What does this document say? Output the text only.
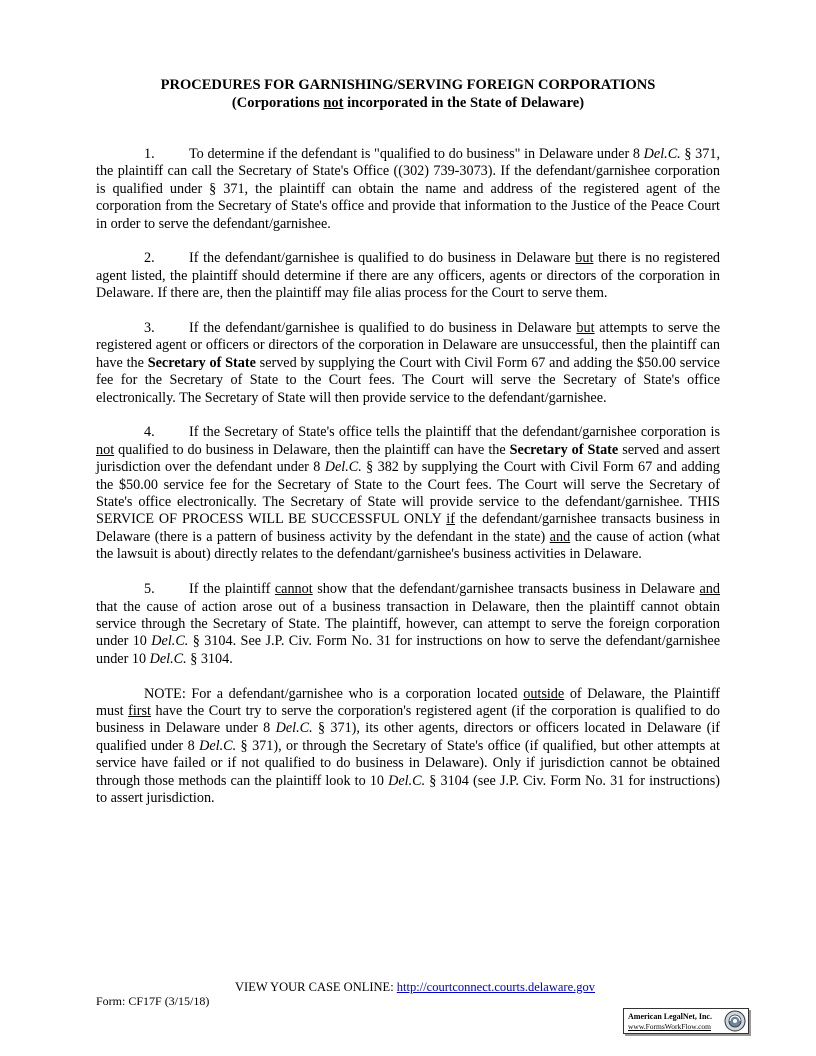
PROCEDURES FOR GARNISHING/SERVING FOREIGN CORPORATIONS
(Corporations not incorporated in the State of Delaware)

1. To determine if the defendant is "qualified to do business" in Delaware under 8 Del.C. § 371, the plaintiff can call the Secretary of State's Office ((302) 739-3073). If the defendant/garnishee corporation is qualified under § 371, the plaintiff can obtain the name and address of the registered agent of the corporation from the Secretary of State's office and provide that information to the Justice of the Peace Court in order to serve the defendant/garnishee.

2. If the defendant/garnishee is qualified to do business in Delaware but there is no registered agent listed, the plaintiff should determine if there are any officers, agents or directors of the corporation in Delaware. If there are, then the plaintiff may file alias process for the Court to serve them.

3. If the defendant/garnishee is qualified to do business in Delaware but attempts to serve the registered agent or officers or directors of the corporation in Delaware are unsuccessful, then the plaintiff can have the Secretary of State served by supplying the Court with Civil Form 67 and adding the $50.00 service fee for the Secretary of State to the Court fees. The Court will serve the Secretary of State's office electronically. The Secretary of State will then provide service to the defendant/garnishee.

4. If the Secretary of State's office tells the plaintiff that the defendant/garnishee corporation is not qualified to do business in Delaware, then the plaintiff can have the Secretary of State served and assert jurisdiction over the defendant under 8 Del.C. § 382 by supplying the Court with Civil Form 67 and adding the $50.00 service fee for the Secretary of State to the Court fees. The Court will serve the Secretary of State's office electronically. The Secretary of State will provide service to the defendant/garnishee. THIS SERVICE OF PROCESS WILL BE SUCCESSFUL ONLY if the defendant/garnishee transacts business in Delaware (there is a pattern of business activity by the defendant in the state) and the cause of action (what the lawsuit is about) directly relates to the defendant/garnishee's business activities in Delaware.

5. If the plaintiff cannot show that the defendant/garnishee transacts business in Delaware and that the cause of action arose out of a business transaction in Delaware, then the plaintiff cannot obtain service through the Secretary of State. The plaintiff, however, can attempt to serve the foreign corporation under 10 Del.C. § 3104. See J.P. Civ. Form No. 31 for instructions on how to serve the defendant/garnishee under 10 Del.C. § 3104.

NOTE: For a defendant/garnishee who is a corporation located outside of Delaware, the Plaintiff must first have the Court try to serve the corporation's registered agent (if the corporation is qualified to do business in Delaware under 8 Del.C. § 371), its other agents, directors or officers located in Delaware (if qualified under 8 Del.C. § 371), or through the Secretary of State's office (if qualified, but other attempts at service have failed or if not qualified to do business in Delaware). Only if jurisdiction cannot be obtained through those methods can the plaintiff look to 10 Del.C. § 3104 (see J.P. Civ. Form No. 31 for instructions) to assert jurisdiction.

VIEW YOUR CASE ONLINE: http://courtconnect.courts.delaware.gov
Form: CF17F (3/15/18)
American LegalNet, Inc.
www.FormsWorkFlow.com
